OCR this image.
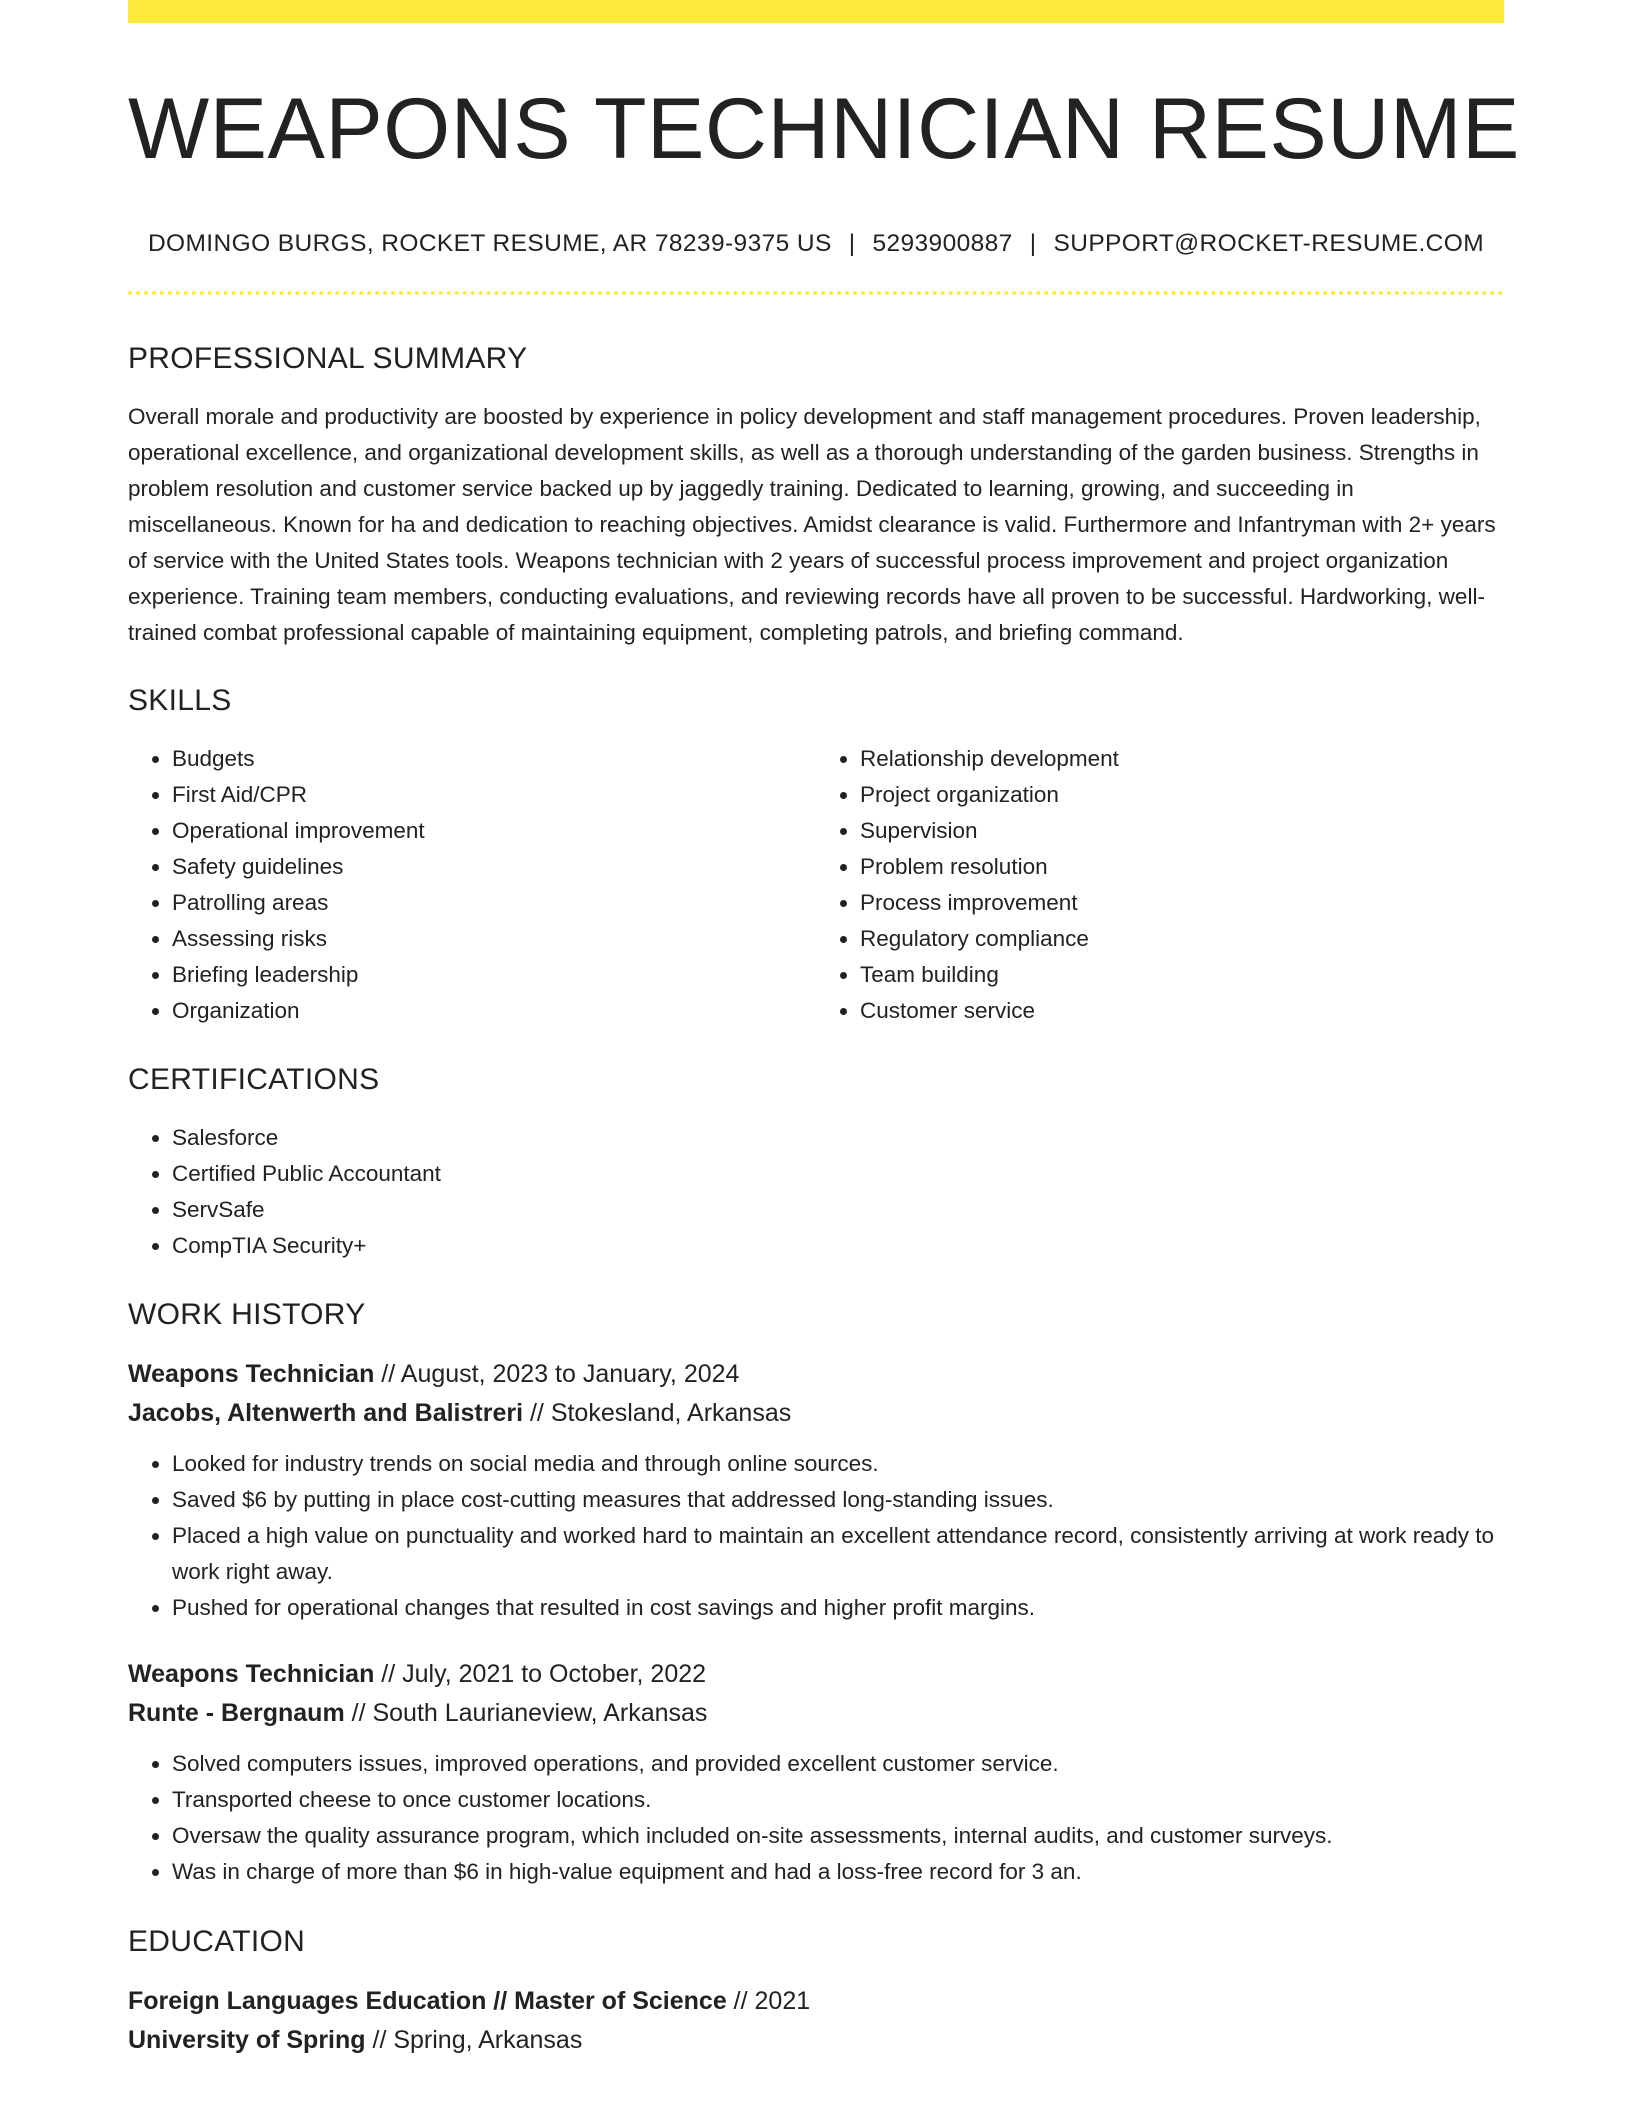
WEAPONS TECHNICIAN RESUME
DOMINGO BURGS, ROCKET RESUME, AR 78239-9375 US | 5293900887 | SUPPORT@ROCKET-RESUME.COM
PROFESSIONAL SUMMARY

Overall morale and productivity are boosted by experience in policy development and staff management procedures. Proven leadership, operational excellence, and organizational development skills, as well as a thorough understanding of the garden business. Strengths in problem resolution and customer service backed up by jaggedly training. Dedicated to learning, growing, and succeeding in miscellaneous. Known for ha and dedication to reaching objectives. Amidst clearance is valid. Furthermore and Infantryman with 2+ years of service with the United States tools. Weapons technician with 2 years of successful process improvement and project organization experience. Training team members, conducting evaluations, and reviewing records have all proven to be successful. Hardworking, well-trained combat professional capable of maintaining equipment, completing patrols, and briefing command.

SKILLS
• Budgets
• First Aid/CPR
• Operational improvement
• Safety guidelines
• Patrolling areas
• Assessing risks
• Briefing leadership
• Organization
• Relationship development
• Project organization
• Supervision
• Problem resolution
• Process improvement
• Regulatory compliance
• Team building
• Customer service
CERTIFICATIONS
• Salesforce
• Certified Public Accountant
• ServSafe
• CompTIA Security+
WORK HISTORY
Weapons Technician // August, 2023 to January, 2024
Jacobs, Altenwerth and Balistreri // Stokesland, Arkansas
• Looked for industry trends on social media and through online sources.
• Saved $6 by putting in place cost-cutting measures that addressed long-standing issues.
• Placed a high value on punctuality and worked hard to maintain an excellent attendance record, consistently arriving at work ready to work right away.
• Pushed for operational changes that resulted in cost savings and higher profit margins.
Weapons Technician // July, 2021 to October, 2022
Runte - Bergnaum // South Laurianeview, Arkansas
• Solved computers issues, improved operations, and provided excellent customer service.
• Transported cheese to once customer locations.
• Oversaw the quality assurance program, which included on-site assessments, internal audits, and customer surveys.
• Was in charge of more than $6 in high-value equipment and had a loss-free record for 3 an.
EDUCATION
Foreign Languages Education // Master of Science // 2021
University of Spring // Spring, Arkansas
